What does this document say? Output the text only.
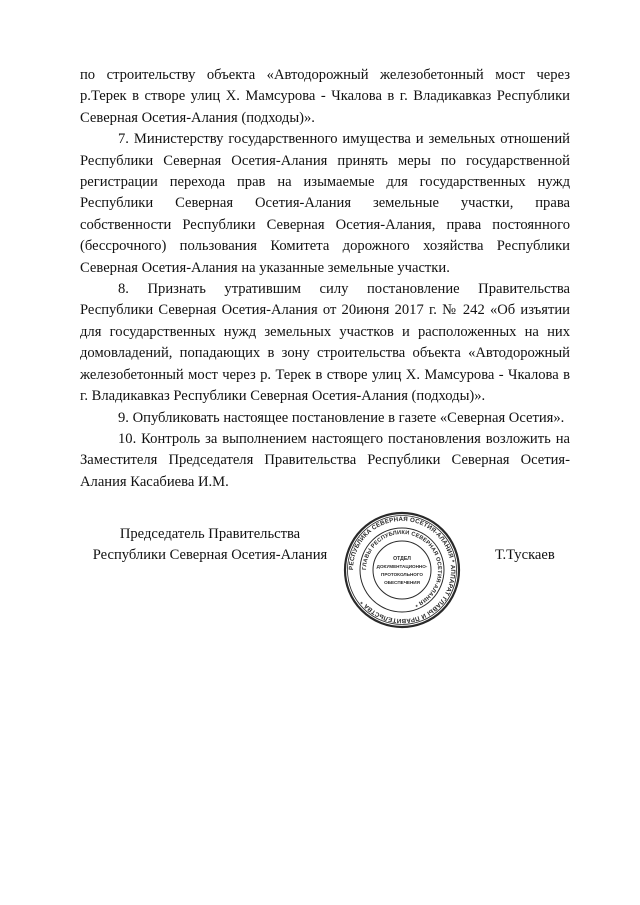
по строительству объекта «Автодорожный железобетонный мост через р.Терек в створе улиц Х. Мамсурова - Чкалова в г. Владикавказ Республики Северная Осетия-Алания (подходы)».

7. Министерству государственного имущества и земельных отношений Республики Северная Осетия-Алания принять меры по государственной регистрации перехода прав на изымаемые для государственных нужд Республики Северная Осетия-Алания земельные участки, права собственности Республики Северная Осетия-Алания, права постоянного (бессрочного) пользования Комитета дорожного хозяйства Республики Северная Осетия-Алания на указанные земельные участки.

8. Признать утратившим силу постановление Правительства Республики Северная Осетия-Алания от 20июня 2017 г. № 242 «Об изъятии для государственных нужд земельных участков и расположенных на них домовладений, попадающих в зону строительства объекта «Автодорожный железобетонный мост через р. Терек в створе улиц Х. Мамсурова - Чкалова в г. Владикавказ Республики Северная Осетия-Алания (подходы)».

9. Опубликовать настоящее постановление в газете «Северная Осетия».

10. Контроль за выполнением настоящего постановления возложить на Заместителя Председателя Правительства Республики Северная Осетия-Алания Касабиева И.М.

Председатель Правительства
Республики Северная Осетия-Алания
РЕСПУБЛИКА СЕВЕРНАЯ ОСЕТИЯ-АЛАНИЯ * АППАРАТ ГЛАВЫ И ПРАВИТЕЛЬСТВА *
ГЛАВЫ РЕСПУБЛИКИ СЕВЕРНАЯ ОСЕТИЯ-АЛАНИЯ *
ОТДЕЛ
ДОКУМЕНТАЦИОННО-
ПРОТОКОЛЬНОГО
ОБЕСПЕЧЕНИЯ
Т.Тускаев
